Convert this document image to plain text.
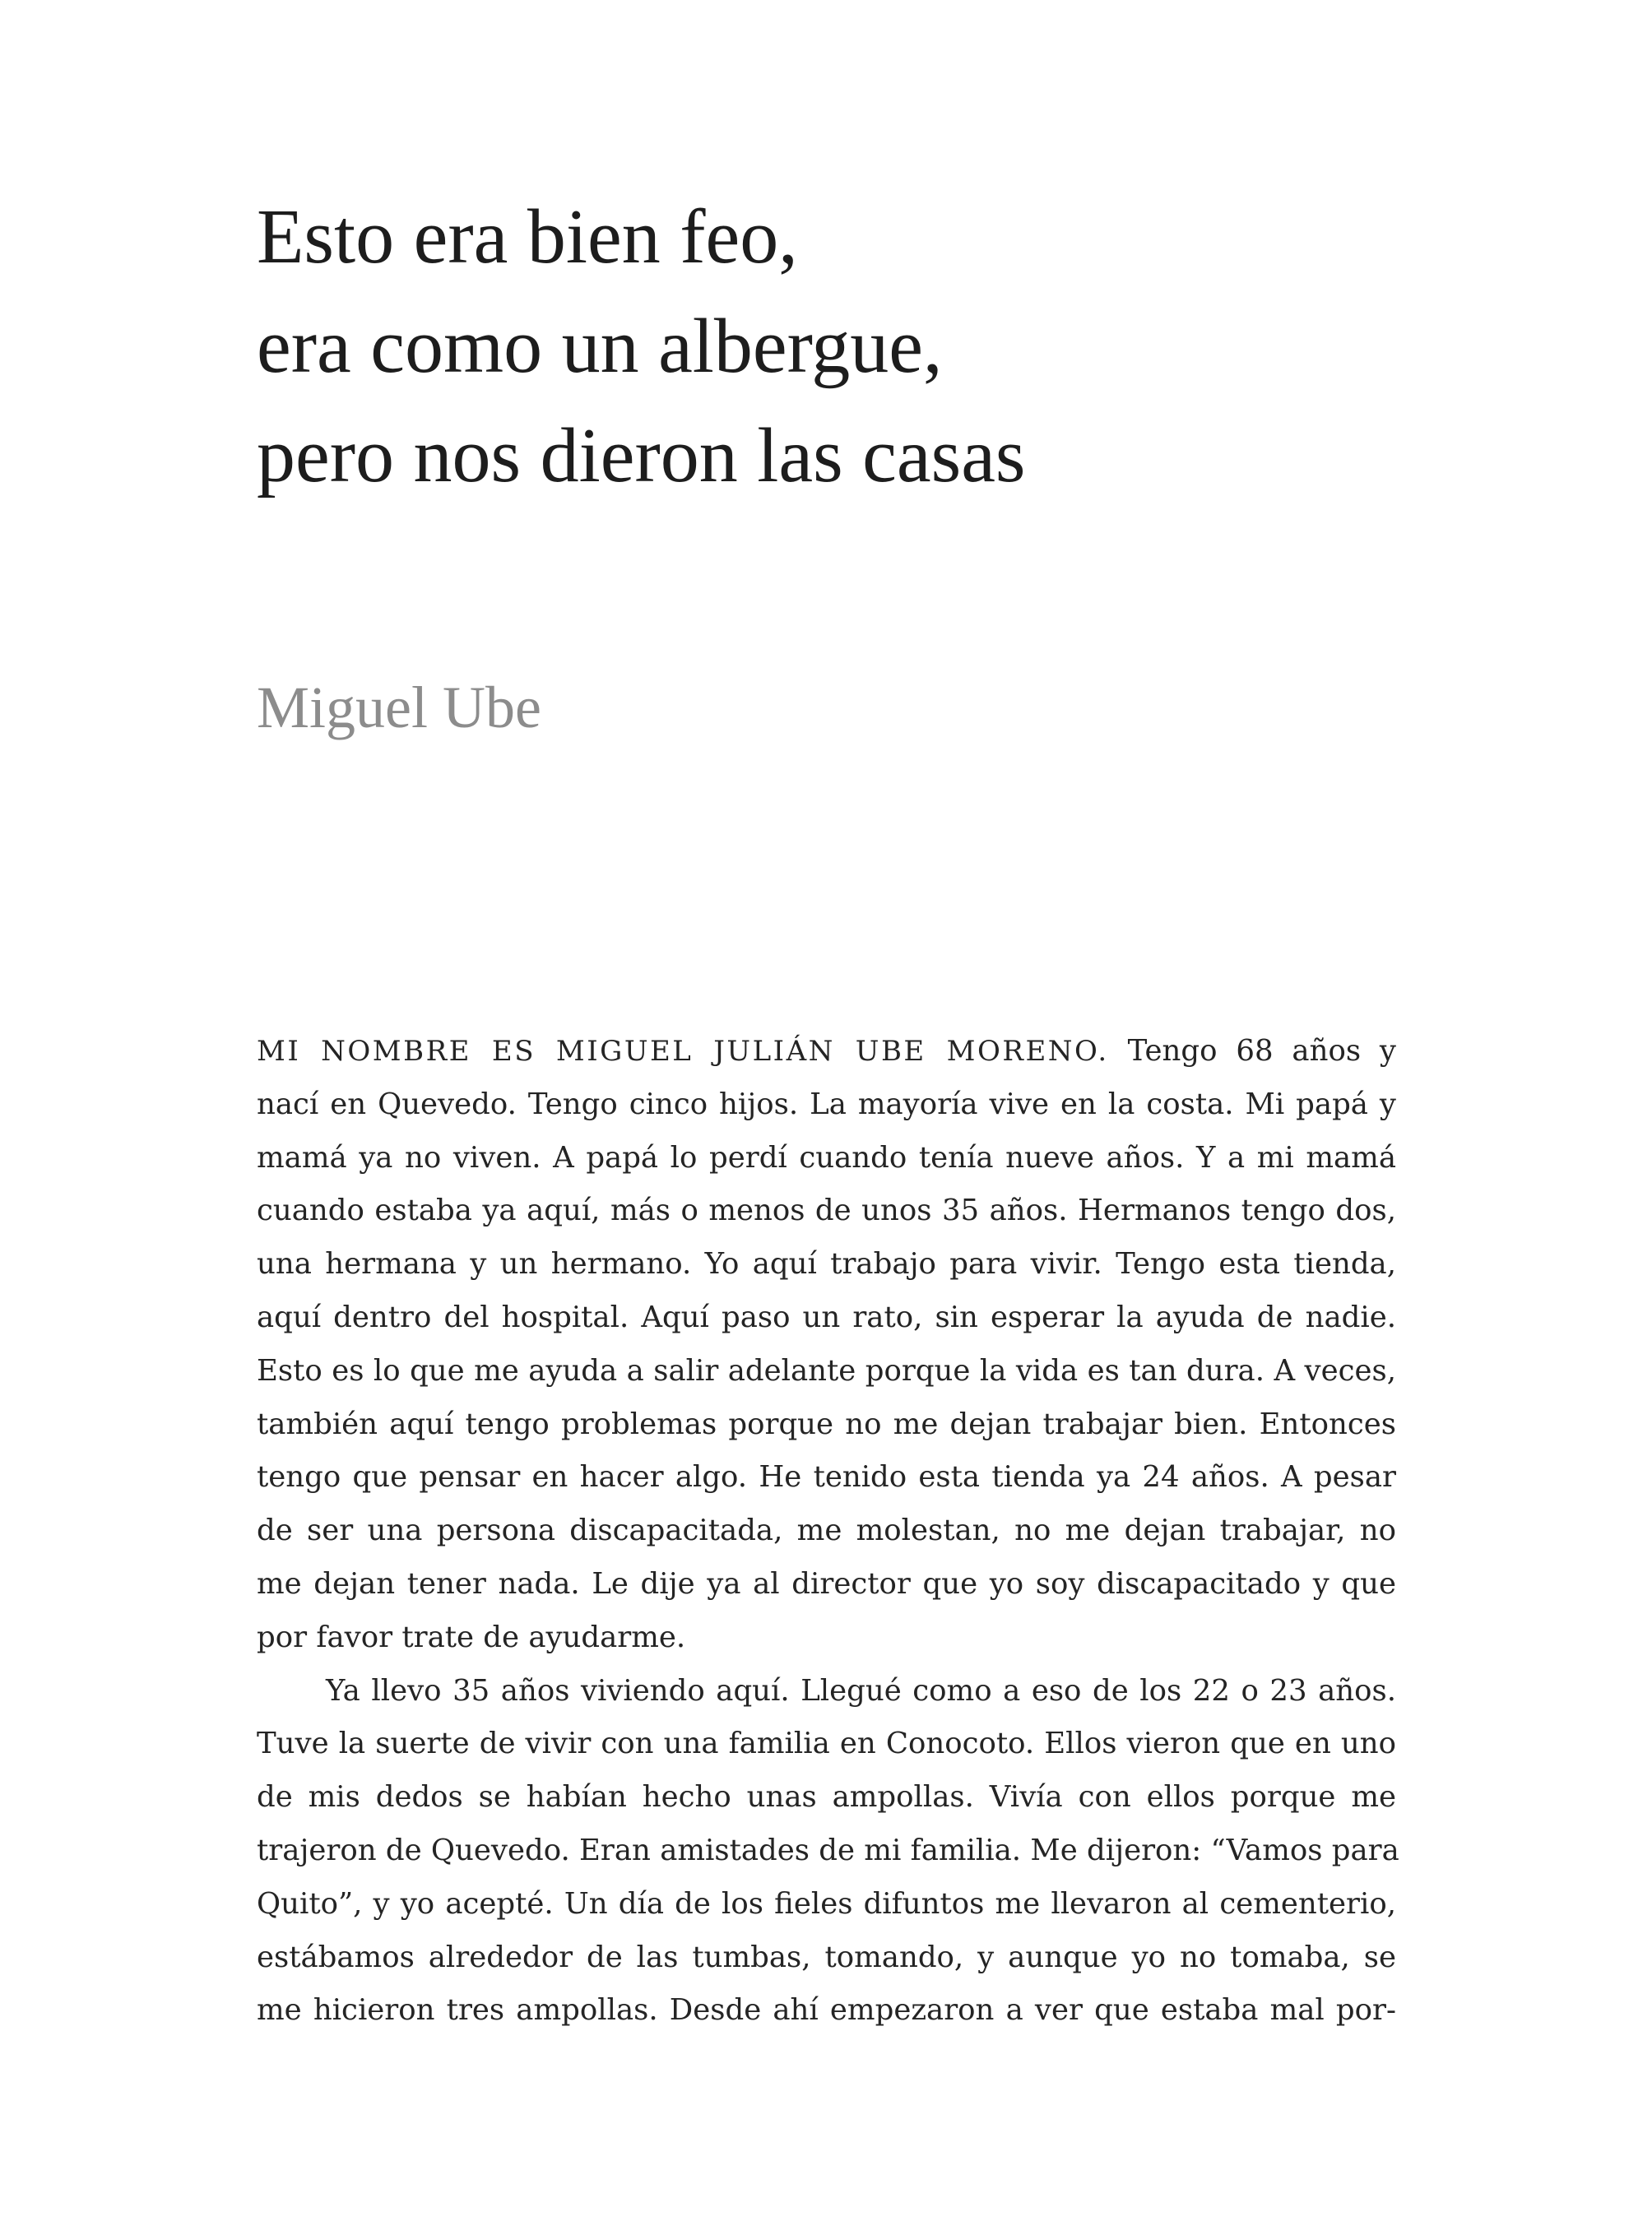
Esto era bien feo,
era como un albergue,
pero nos dieron las casas
Miguel Ube
MI NOMBRE ES MIGUEL JULIÁN UBE MORENO. Tengo 68 años y
nací en Quevedo. Tengo cinco hijos. La mayoría vive en la costa. Mi papá y
mamá ya no viven. A papá lo perdí cuando tenía nueve años. Y a mi mamá
cuando estaba ya aquí, más o menos de unos 35 años. Hermanos tengo dos,
una hermana y un hermano. Yo aquí trabajo para vivir. Tengo esta tienda,
aquí dentro del hospital. Aquí paso un rato, sin esperar la ayuda de nadie.
Esto es lo que me ayuda a salir adelante porque la vida es tan dura. A veces,
también aquí tengo problemas porque no me dejan trabajar bien. Entonces
tengo que pensar en hacer algo. He tenido esta tienda ya 24 años. A pesar
de ser una persona discapacitada, me molestan, no me dejan trabajar, no
me dejan tener nada. Le dije ya al director que yo soy discapacitado y que
por favor trate de ayudarme.
Ya llevo 35 años viviendo aquí. Llegué como a eso de los 22 o 23 años.
Tuve la suerte de vivir con una familia en Conocoto. Ellos vieron que en uno
de mis dedos se habían hecho unas ampollas. Vivía con ellos porque me
trajeron de Quevedo. Eran amistades de mi familia. Me dijeron: “Vamos para
Quito”, y yo acepté. Un día de los fieles difuntos me llevaron al cementerio,
estábamos alrededor de las tumbas, tomando, y aunque yo no tomaba, se
me hicieron tres ampollas. Desde ahí empezaron a ver que estaba mal por-
